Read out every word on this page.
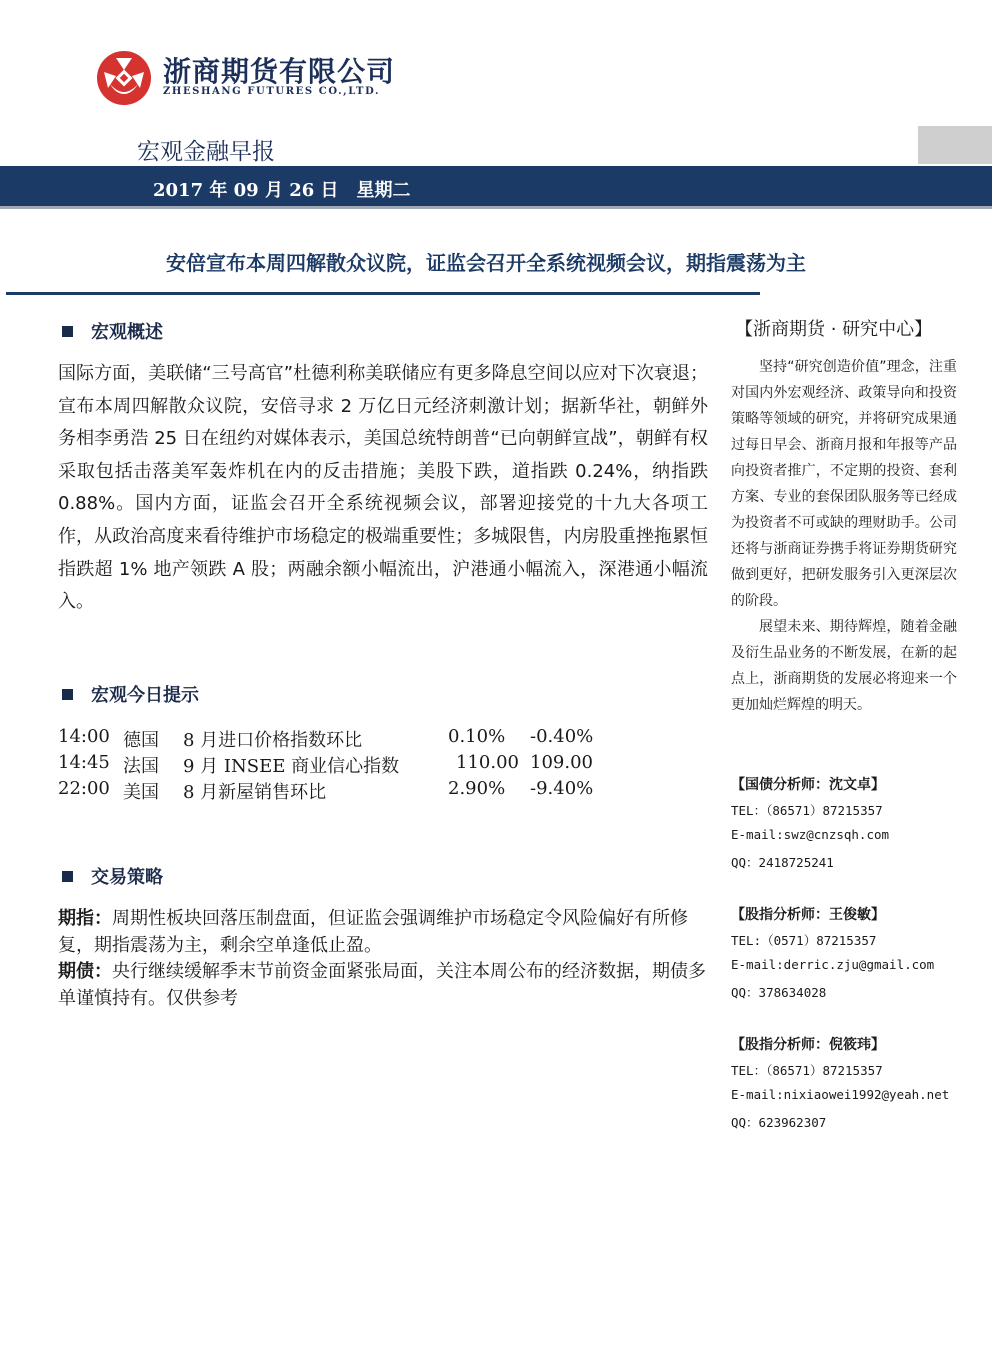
浙商期货有限公司
ZHESHANG FUTURES CO.,LTD.
宏观金融早报
2017 年 09 月 26 日　星期二
安倍宣布本周四解散众议院，证监会召开全系统视频会议，期指震荡为主
宏观概述
国际方面，美联储“三号高官”杜德利称美联储应有更多降息空间以应对下次衰退；宣布本周四解散众议院，安倍寻求 2 万亿日元经济刺激计划；据新华社，朝鲜外务相李勇浩 25 日在纽约对媒体表示，美国总统特朗普“已向朝鲜宣战”，朝鲜有权采取包括击落美军轰炸机在内的反击措施；美股下跌，道指跌 0.24%，纳指跌 0.88%。国内方面，证监会召开全系统视频会议，部署迎接党的十九大各项工作，从政治高度来看待维护市场稳定的极端重要性；多城限售，内房股重挫拖累恒指跌超 1% 地产领跌 A 股；两融余额小幅流出，沪港通小幅流入，深港通小幅流入。
宏观今日提示
14:00 德国 8 月进口价格指数环比	0.10% -0.40%
14:45 法国 9 月 INSEE 商业信心指数	110.00 109.00
22:00 美国 8 月新屋销售环比	2.90% -9.40%
交易策略
期指：周期性板块回落压制盘面，但证监会强调维护市场稳定令风险偏好有所修复，期指震荡为主，剩余空单逢低止盈。
期债：央行继续缓解季末节前资金面紧张局面，关注本周公布的经济数据，期债多单谨慎持有。仅供参考
【浙商期货 · 研究中心】
坚持“研究创造价值”理念，注重对国内外宏观经济、政策导向和投资策略等领域的研究，并将研究成果通过每日早会、浙商月报和年报等产品向投资者推广，不定期的投资、套利方案、专业的套保团队服务等已经成为投资者不可或缺的理财助手。公司还将与浙商证券携手将证券期货研究做到更好，把研发服务引入更深层次的阶段。
展望未来、期待辉煌，随着金融及衍生品业务的不断发展，在新的起点上，浙商期货的发展必将迎来一个更加灿烂辉煌的明天。
【国债分析师：沈文卓】
TEL：（86571）87215357
E-mail:swz@cnzsqh.com
QQ：2418725241
【股指分析师：王俊敏】
TEL:（0571）87215357
E-mail:derric.zju@gmail.com
QQ：378634028
【股指分析师：倪筱玮】
TEL：（86571）87215357
E-mail:nixiaowei1992@yeah.net
QQ：623962307
